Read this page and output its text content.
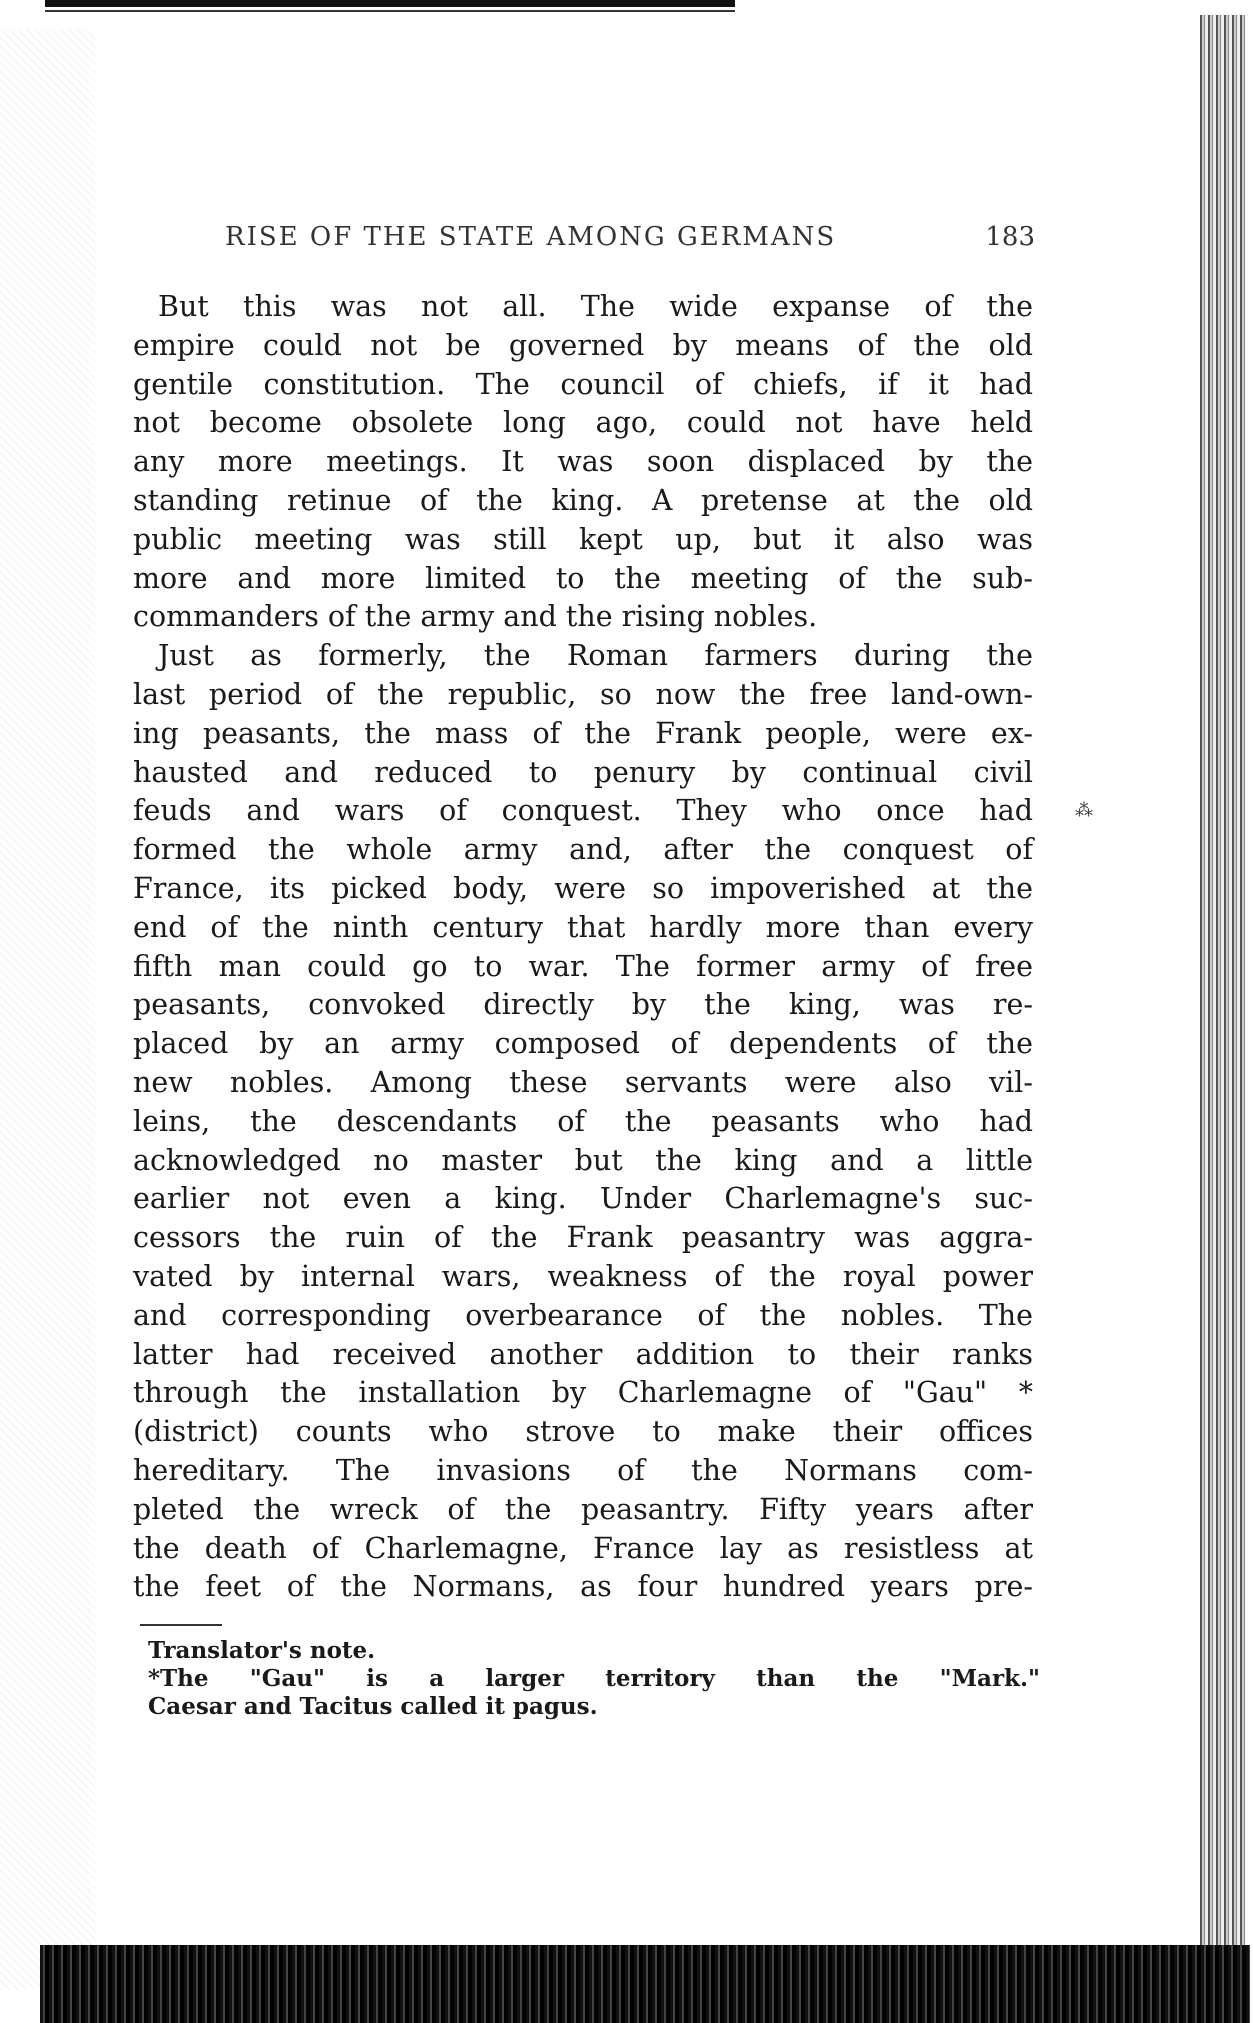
⁂
RISE OF THE STATE AMONG GERMANS	183
But this was not all. The wide expanse of the
empire could not be governed by means of the old
gentile constitution. The council of chiefs, if it had
not become obsolete long ago, could not have held
any more meetings. It was soon displaced by the
standing retinue of the king. A pretense at the old
public meeting was still kept up, but it also was
more and more limited to the meeting of the sub-
commanders of the army and the rising nobles.
Just as formerly, the Roman farmers during the
last period of the republic, so now the free land-own-
ing peasants, the mass of the Frank people, were ex-
hausted and reduced to penury by continual civil
feuds and wars of conquest. They who once had
formed the whole army and, after the conquest of
France, its picked body, were so impoverished at the
end of the ninth century that hardly more than every
fifth man could go to war. The former army of free
peasants, convoked directly by the king, was re-
placed by an army composed of dependents of the
new nobles. Among these servants were also vil-
leins, the descendants of the peasants who had
acknowledged no master but the king and a little
earlier not even a king. Under Charlemagne's suc-
cessors the ruin of the Frank peasantry was aggra-
vated by internal wars, weakness of the royal power
and corresponding overbearance of the nobles. The
latter had received another addition to their ranks
through the installation by Charlemagne of "Gau" *
(district) counts who strove to make their offices
hereditary. The invasions of the Normans com-
pleted the wreck of the peasantry. Fifty years after
the death of Charlemagne, France lay as resistless at
the feet of the Normans, as four hundred years pre-
Translator's note.
*The "Gau" is a larger territory than the "Mark."
Caesar and Tacitus called it pagus.
